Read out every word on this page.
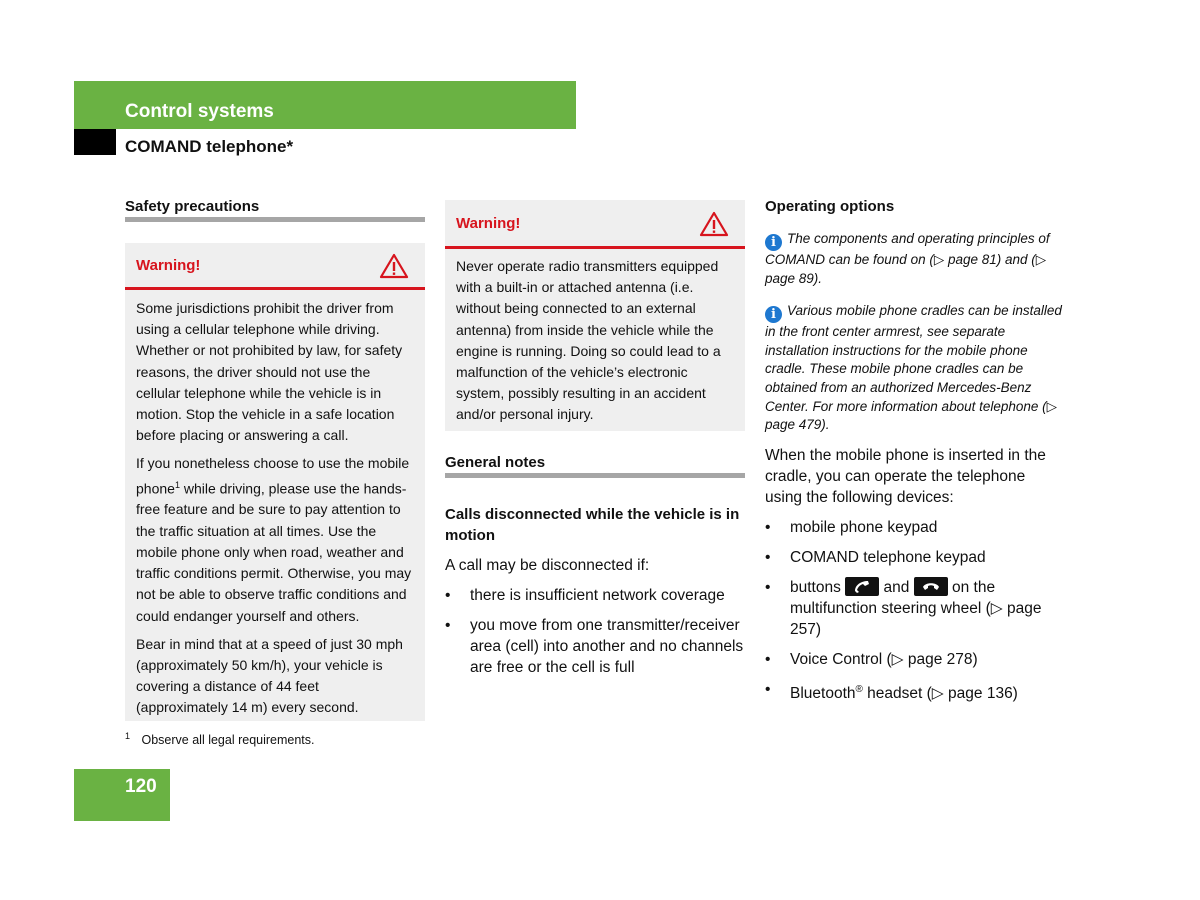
Control systems
COMAND telephone*
Safety precautions
Warning!

Some jurisdictions prohibit the driver from using a cellular telephone while driving. Whether or not prohibited by law, for safety reasons, the driver should not use the cellular telephone while the vehicle is in motion. Stop the vehicle in a safe location before placing or answering a call.

If you nonetheless choose to use the mobile phone$^1$ while driving, please use the hands-free feature and be sure to pay attention to the traffic situation at all times. Use the mobile phone only when road, weather and traffic conditions permit. Otherwise, you may not be able to observe traffic conditions and could endanger yourself and others.

Bear in mind that at a speed of just 30 mph (approximately 50 km/h), your vehicle is covering a distance of 44 feet (approximately 14 m) every second.

$^1$ Observe all legal requirements.
Warning!

Never operate radio transmitters equipped with a built-in or attached antenna (i.e. without being connected to an external antenna) from inside the vehicle while the engine is running. Doing so could lead to a malfunction of the vehicle’s electronic system, possibly resulting in an accident and/or personal injury.

General notes
Calls disconnected while the vehicle is in motion

A call may be disconnected if:

• there is insufficient network coverage
• you move from one transmitter/receiver area (cell) into another and no channels are free or the cell is full
Operating options
i The components and operating principles of COMAND can be found on (▷ page 81) and (▷ page 89).
i Various mobile phone cradles can be installed in the front center armrest, see separate installation instructions for the mobile phone cradle. These mobile phone cradles can be obtained from an authorized Mercedes-Benz Center. For more information about telephone (▷ page 479).

When the mobile phone is inserted in the cradle, you can operate the telephone using the following devices:

• mobile phone keypad
• COMAND telephone keypad
• buttons	and	on the multifunction steering wheel (▷ page 257)
• Voice Control (▷ page 278)
• Bluetooth® headset (▷ page 136)
120
